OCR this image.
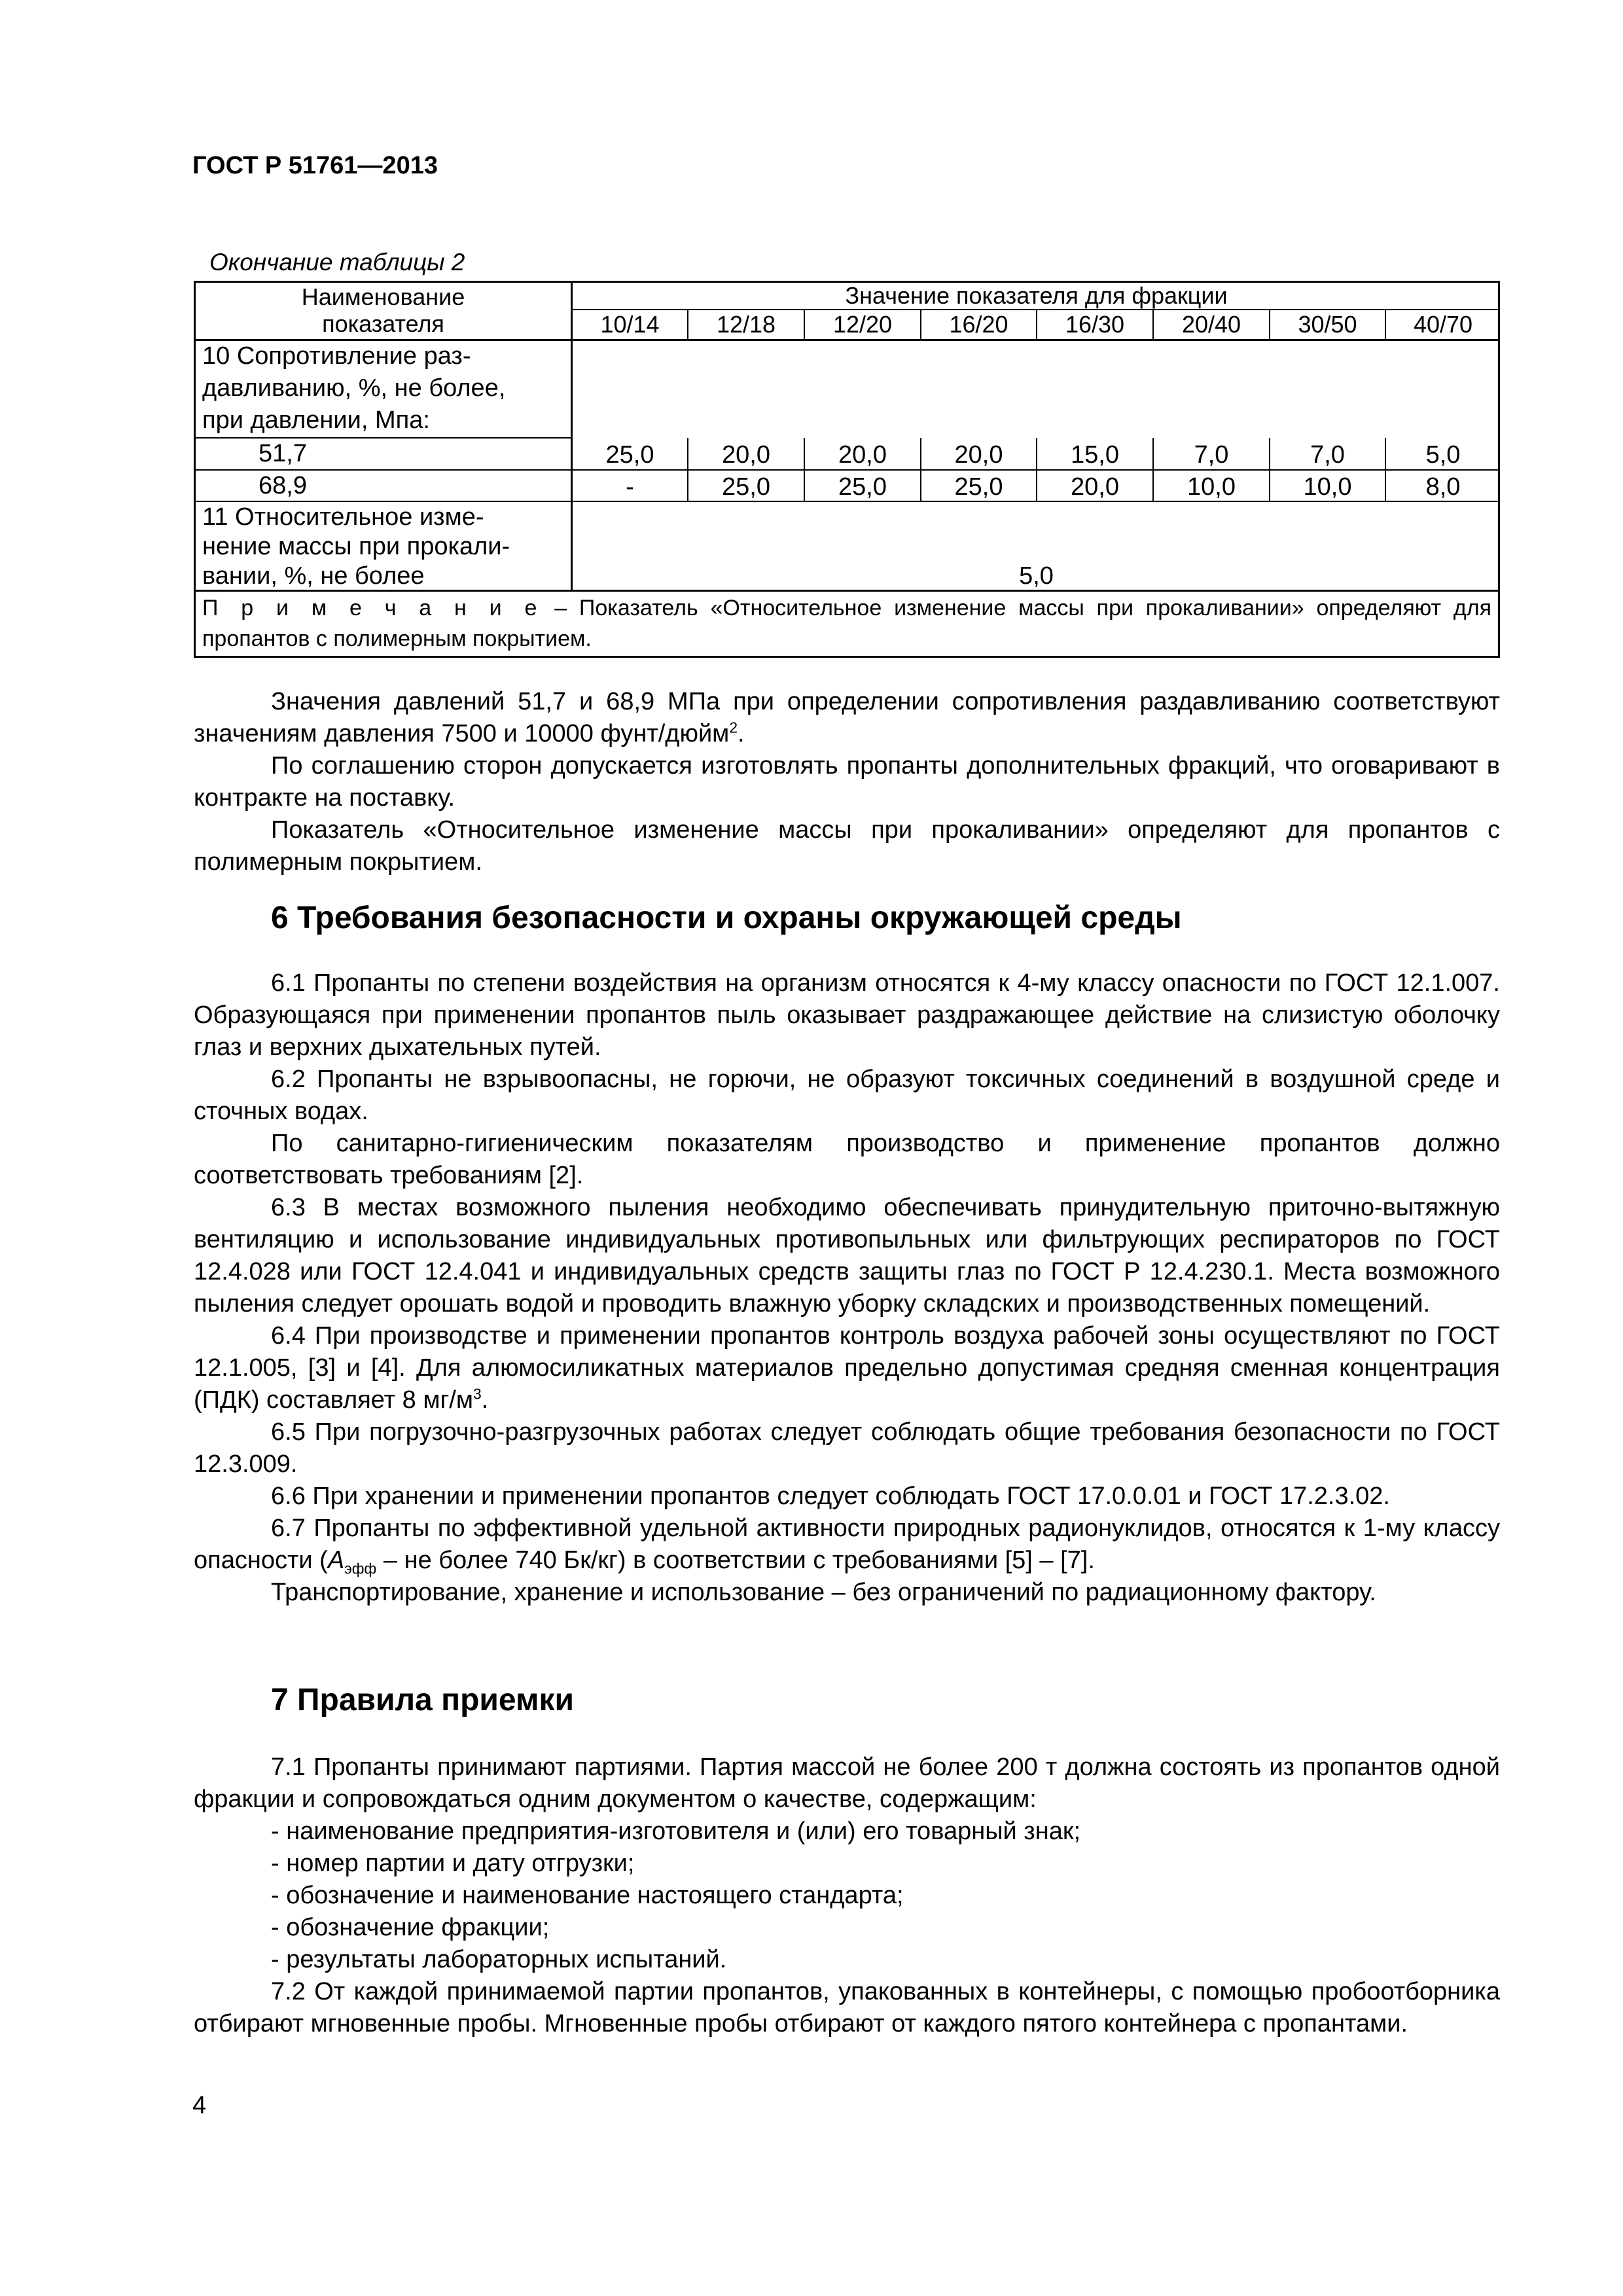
ГОСТ Р 51761—2013
Окончание таблицы 2
Наименование
показателя
Значение показателя для фракции
10/14	12/18	12/20	16/20	16/30	20/40	30/50	40/70
10 Сопротивление раз-
давливанию, %, не более,
при давлении, Мпа:
51,7	25,0	20,0	20,0	20,0	15,0	7,0	7,0	5,0
68,9	-	25,0	25,0	25,0	20,0	10,0	10,0	8,0
11 Относительное изме-
нение массы при прокали-
вании, %, не более	5,0
П р и м е ч а н и е – Показатель «Относительное изменение массы при прокаливании» определяют для пропантов с полимерным покрытием.

Значения давлений 51,7 и 68,9 МПа при определении сопротивления раздавливанию соответствуют значениям давления 7500 и 10000 фунт/дюйм$^2$.

По соглашению сторон допускается изготовлять пропанты дополнительных фракций, что оговаривают в контракте на поставку.

Показатель «Относительное изменение массы при прокаливании» определяют для пропантов с полимерным покрытием.

6 Требования безопасности и охраны окружающей среды

6.1 Пропанты по степени воздействия на организм относятся к 4-му классу опасности по ГОСТ 12.1.007. Образующаяся при применении пропантов пыль оказывает раздражающее действие на слизистую оболочку глаз и верхних дыхательных путей.

6.2 Пропанты не взрывоопасны, не горючи, не образуют токсичных соединений в воздушной среде и сточных водах.

По санитарно-гигиеническим показателям производство и применение пропантов должно соответствовать требованиям [2].

6.3 В местах возможного пыления необходимо обеспечивать принудительную приточно-вытяжную вентиляцию и использование индивидуальных противопыльных или фильтрующих респираторов по ГОСТ 12.4.028 или ГОСТ 12.4.041 и индивидуальных средств защиты глаз по ГОСТ Р 12.4.230.1. Места возможного пыления следует орошать водой и проводить влажную уборку складских и производственных помещений.

6.4 При производстве и применении пропантов контроль воздуха рабочей зоны осуществляют по ГОСТ 12.1.005, [3] и [4]. Для алюмосиликатных материалов предельно допустимая средняя сменная концентрация (ПДК) составляет 8 $мг/м^3$.

6.5 При погрузочно-разгрузочных работах следует соблюдать общие требования безопасности по ГОСТ 12.3.009.

6.6 При хранении и применении пропантов следует соблюдать ГОСТ 17.0.0.01 и ГОСТ 17.2.3.02.

6.7 Пропанты по эффективной удельной активности природных радионуклидов, относятся к 1-му классу опасности ($А_{эфф}$ – не более 740 Бк/кг) в соответствии с требованиями [5] – [7].

Транспортирование, хранение и использование – без ограничений по радиационному фактору.

7 Правила приемки

7.1 Пропанты принимают партиями. Партия массой не более 200 т должна состоять из пропантов одной фракции и сопровождаться одним документом о качестве, содержащим:

- наименование предприятия-изготовителя и (или) его товарный знак;

- номер партии и дату отгрузки;

- обозначение и наименование настоящего стандарта;

- обозначение фракции;

- результаты лабораторных испытаний.

7.2 От каждой принимаемой партии пропантов, упакованных в контейнеры, с помощью пробоотборника отбирают мгновенные пробы. Мгновенные пробы отбирают от каждого пятого контейнера с пропантами.

4
